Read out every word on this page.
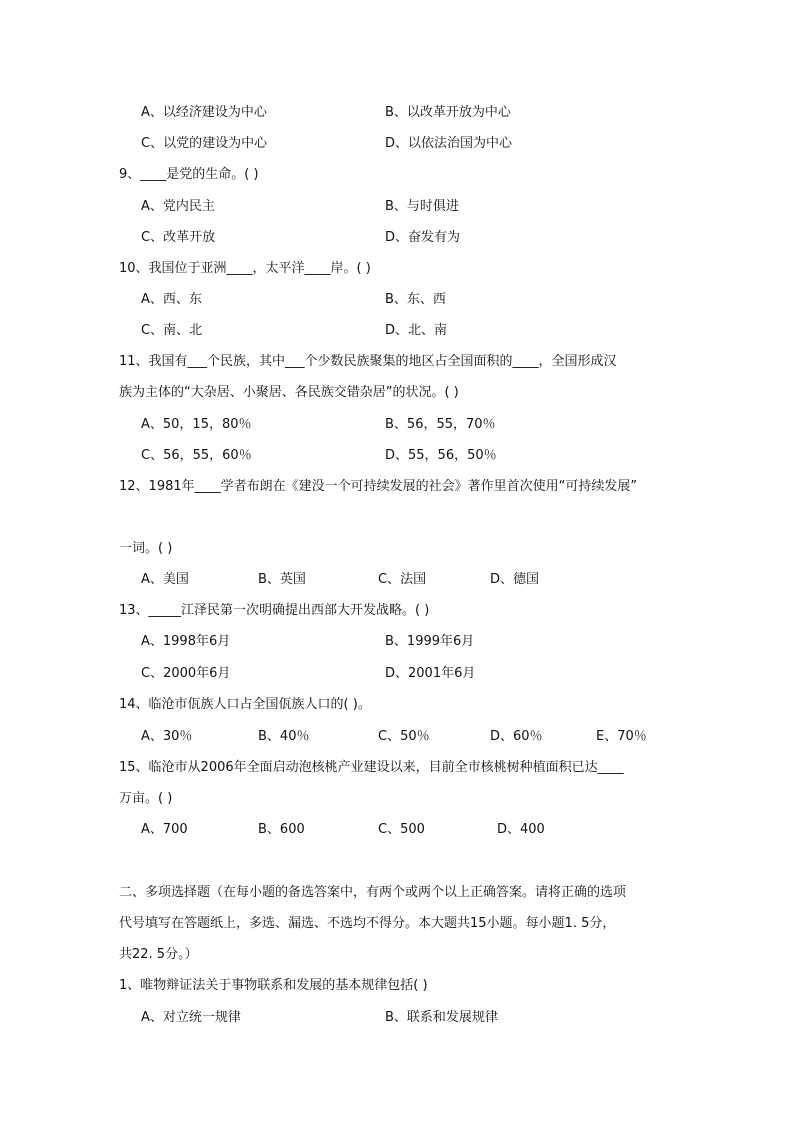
A、以经济建设为中心	B、以改革开放为中心
C、以党的建设为中心	D、以依法治国为中心
9、____是党的生命。( )
A、党内民主	B、与时俱进
C、改革开放	D、奋发有为
10、我国位于亚洲____，太平洋____岸。( )
A、西、东	B、东、西
C、南、北	D、北、南
11、我国有___个民族，其中___个少数民族聚集的地区占全国面积的____，全国形成汉
族为主体的“大杂居、小聚居、各民族交错杂居”的状况。( )
A、50，15，80％	B、56，55，70％
C、56，55，60％	D、55，56，50％
12、1981年____学者布朗在《建没一个可持续发展的社会》著作里首次使用“可持续发展”
一词。( )
A、美国	B、英国	C、法国	D、德国
13、_____江泽民第一次明确提出西部大开发战略。( )
A、1998年6月	B、1999年6月
C、2000年6月	D、2001年6月
14、临沧市佤族人口占全国佤族人口的( )。
A、30％	B、40％	C、50％	D、60％	E、70％
15、临沧市从2006年全面启动泡核桃产业建设以来，目前全市核桃树种植面积已达____
万亩。( )
A、700	B、600	C、500	D、400
二、多项选择题（在每小题的备选答案中，有两个或两个以上正确答案。请将正确的选项
代号填写在答题纸上，多选、漏选、不选均不得分。本大题共15小题。每小题1. 5分，
共22. 5分。）
1、唯物辩证法关于事物联系和发展的基本规律包括( )
A、对立统一规律	B、联系和发展规律
